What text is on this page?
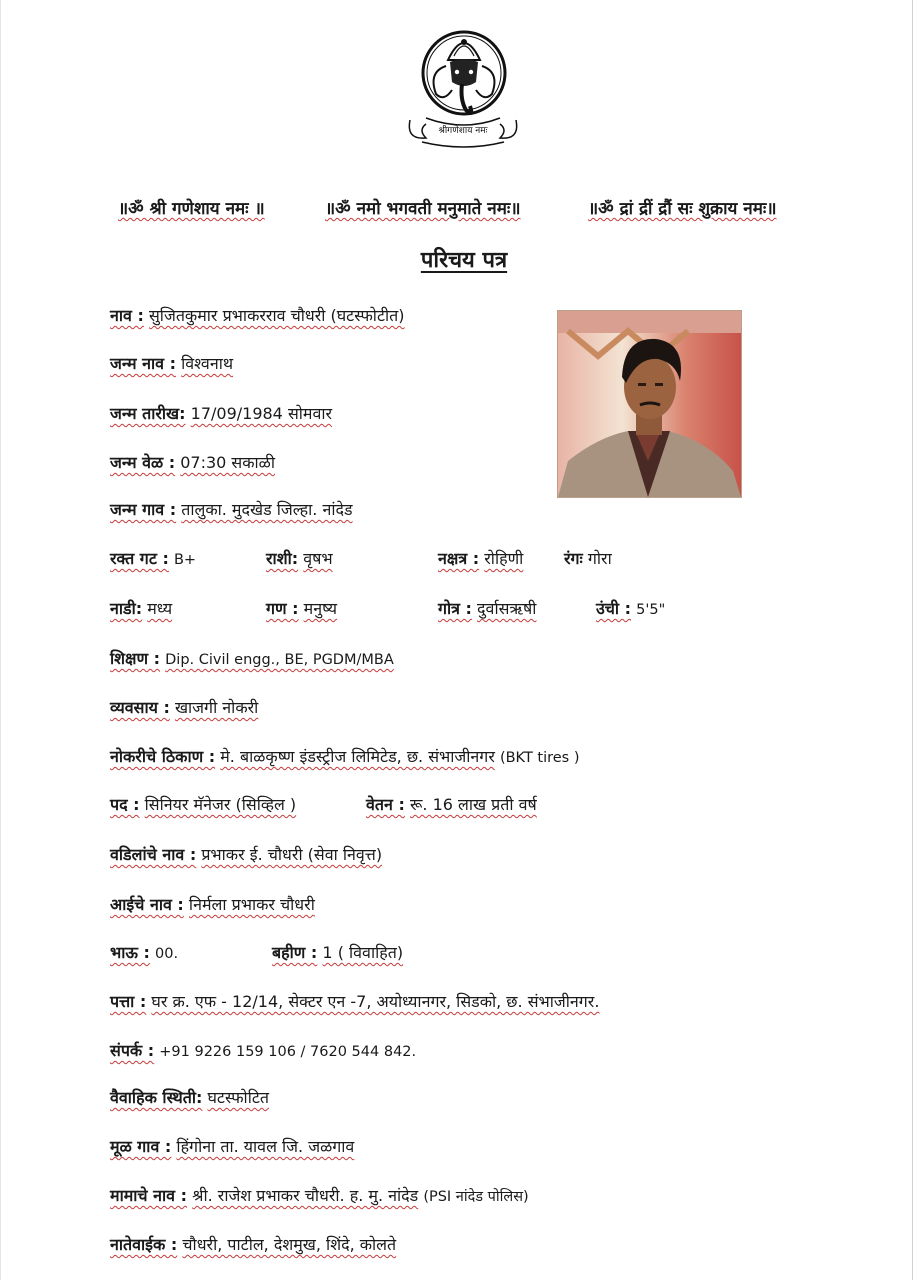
श्रीगणेशाय नमः
॥ॐ श्री गणेशाय नमः ॥	॥ॐ नमो भगवती मनुमाते नमः॥	॥ॐ द्रां द्रीं द्रौं सः शुक्राय नमः॥
परिचय पत्र
नाव : सुजितकुमार प्रभाकरराव चौधरी (घटस्फोटीत)
जन्म नाव : विश्वनाथ
जन्म तारीख: 17/09/1984 सोमवार
जन्म वेळ : 07:30 सकाळी
जन्म गाव : तालुका. मुदखेड जिल्हा. नांदेड
रक्त गट : B+	राशी: वृषभ	नक्षत्र : रोहिणी	रंगः गोरा
नाडी: मध्य	गण : मनुष्य	गोत्र : दुर्वासऋषी	उंची : 5'5"
शिक्षण : Dip. Civil engg., BE, PGDM/MBA
व्यवसाय : खाजगी नोकरी
नोकरीचे ठिकाण : मे. बाळकृष्ण इंडस्ट्रीज लिमिटेड, छ. संभाजीनगर (BKT tires )
पद : सिनियर मॅनेजर (सिव्हिल )	वेतन : रू. 16 लाख प्रती वर्ष
वडिलांचे नाव : प्रभाकर ई. चौधरी (सेवा निवृत्त)
आईचे नाव : निर्मला प्रभाकर चौधरी
भाऊ : 00.	बहीण : 1 ( विवाहित)
पत्ता : घर क्र. एफ - 12/14, सेक्टर एन -7, अयोध्यानगर, सिडको, छ. संभाजीनगर.
संपर्क : +91 9226 159 106 / 7620 544 842.
वैवाहिक स्थिती: घटस्फोटित
मूळ गाव : हिंगोना ता. यावल जि. जळगाव
मामाचे नाव : श्री. राजेश प्रभाकर चौधरी. ह. मु. नांदेड (PSI नांदेड पोलिस)
नातेवाईक : चौधरी, पाटील, देशमुख, शिंदे, कोलते
